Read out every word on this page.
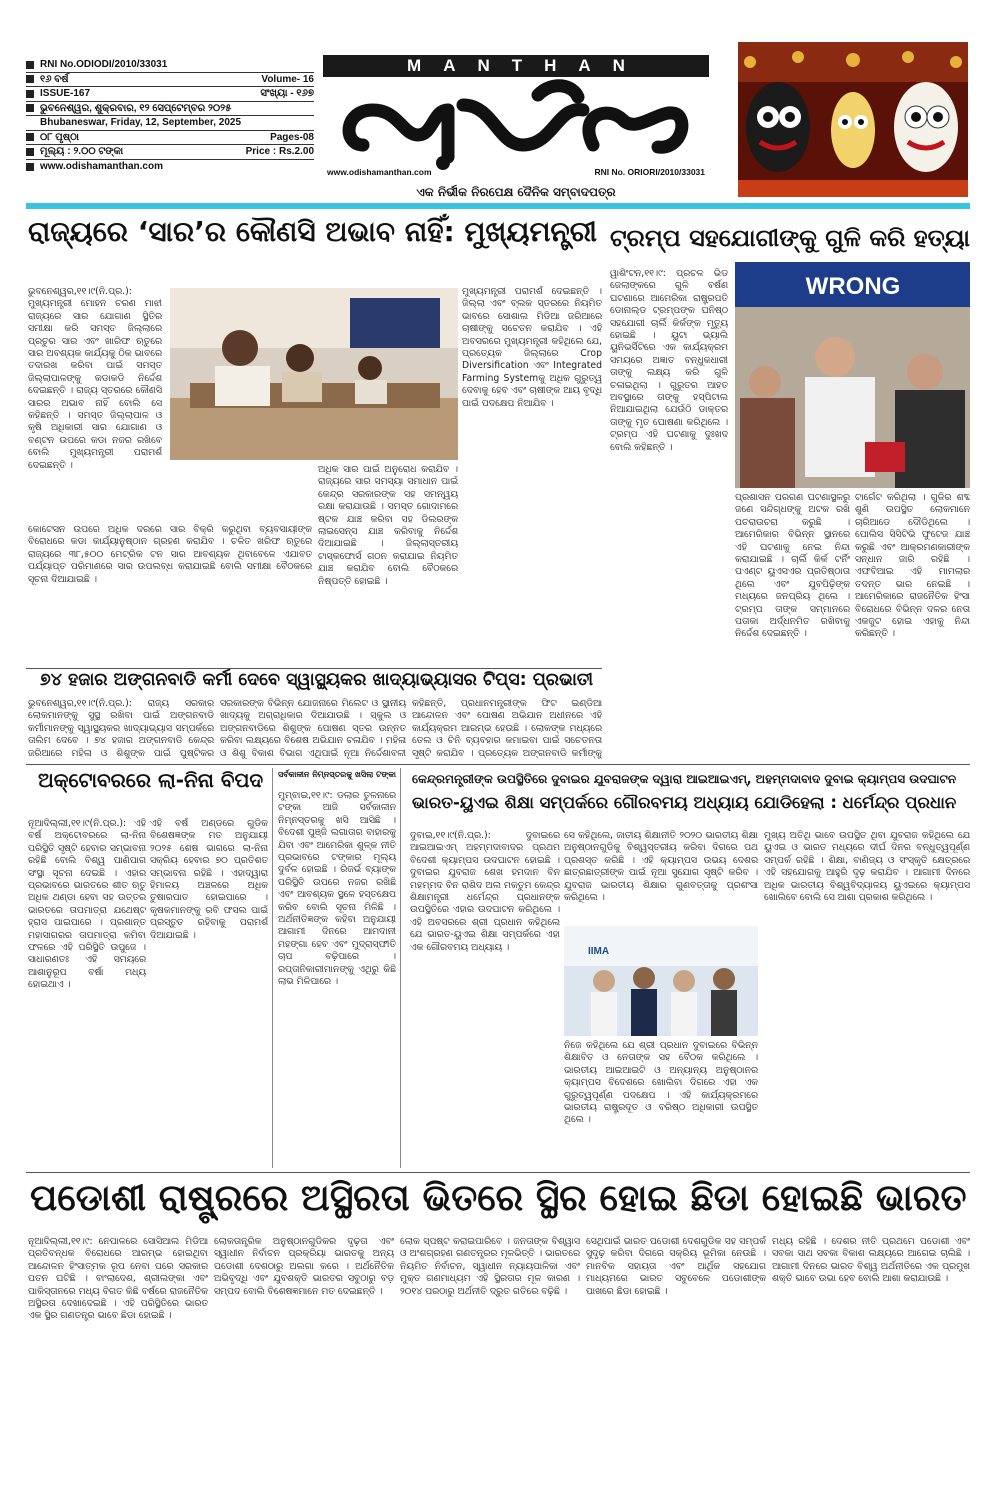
RNI No.ODIODI/2010/33031
୧୬ ବର୍ଷ	Volume- 16
ISSUE-167	ସଂଖ୍ୟା - ୧୬୭
ଭୁବନେଶ୍ୱର, ଶୁକ୍ରବାର, ୧୨ ସେପ୍ଟେମ୍ବର ୨୦୨୫
Bhubaneswar, Friday, 12, September, 2025
୦୮ ପୃଷ୍ଠା	Pages-08
ମୂଲ୍ୟ : ୨.୦୦ ଟଙ୍କା	Price : Rs.2.00
www.odishamanthan.com
MANTHAN
www.odishamanthan.com	RNI No. ORIORI/2010/33031
ଏକ ନିର୍ଭୀକ ନିରପେକ୍ଷ ଦୈନିକ ସମ୍ବାଦପତ୍ର
ରାଜ୍ୟରେ ‘ସାର’ର କୌଣସି ଅଭାବ ନାହିଁ: ମୁଖ୍ୟମନ୍ତ୍ରୀ ଟ୍ରମ୍ପ ସହଯୋଗୀଙ୍କୁ ଗୁଳି କରି ହତ୍ୟା

ଭୁବନେଶ୍ୱର,୧୧।୯(ନି.ପ୍ର.): ମୁଖ୍ୟମନ୍ତ୍ରୀ ମୋହନ ଚରଣ ମାଝୀ ରାଜ୍ୟରେ ସାର ଯୋଗାଣ ସ୍ଥିତିର ସମୀକ୍ଷା କରି ସମସ୍ତ ଜିଲ୍ଲାରେ ପ୍ରଚୁର ସାର ଏବଂ ଖାରିଫ ଋତୁରେ ସାର ଅବଶ୍ୟକ କାର୍ଯ୍ୟକୁ ଠିକ ଭାବରେ ତଦାରଖ କରିବା ପାଇଁ ସମସ୍ତ ଜିଲ୍ଲାପାଳଙ୍କୁ କଡାକଡି ନିର୍ଦ୍ଦେଶ ଦେଇଛନ୍ତି । ରାଜ୍ୟ ସ୍ତରରେ କୌଣସି ସାରର ଅଭାବ ନାହିଁ ବୋଲି ସେ କହିଛନ୍ତି । ସମସ୍ତ ଜିଲ୍ଲାପାଳ ଓ କୃଷି ଅଧିକାରୀ ସାର ଯୋଗାଣ ଓ ବଣ୍ଟନ ଉପରେ କଡା ନଜର ରଖିବେ ବୋଲି ମୁଖ୍ୟମନ୍ତ୍ରୀ ପରାମର୍ଶ ଦେଇଛନ୍ତି ।

କୋଟେସନ ଉପରେ ଅଧିକ ଦରରେ ସାର ବିକ୍ରି କରୁଥିବା ବ୍ୟବସାୟୀଙ୍କ ବିରୋଧରେ କଡା କାର୍ଯ୍ୟାନୁଷ୍ଠାନ ଗ୍ରହଣ କରାଯିବ । ଚଳିତ ଖରିଫ ଋତୁରେ ରାଜ୍ୟରେ ୩୮,୫୦୦ ମେଟ୍ରିକ ଟନ ସାର ଆବଶ୍ୟକ ଥିବାବେଳେ ଏଯାବତ ପର୍ଯ୍ୟାପ୍ତ ପରିମାଣରେ ସାର ଉପଲବ୍ଧ କରାଯାଇଛି ବୋଲି ସମୀକ୍ଷା ବୈଠକରେ ସୂଚନା ଦିଆଯାଇଛି ।

ଅଧିକ ସାର ପାଇଁ ଅନୁରୋଧ କରାଯିବ । ରାଜ୍ୟରେ ସାର ସମସ୍ୟା ସମାଧାନ ପାଇଁ କେନ୍ଦ୍ର ସରକାରଙ୍କ ସହ ସମନ୍ୱୟ ରକ୍ଷା କରାଯାଉଛି । ସମସ୍ତ ଗୋଦାମରେ ଷ୍ଟକ ଯାଞ୍ଚ କରିବା ସହ ଡିଲରଙ୍କ ଲାଇସେନ୍ସ ଯାଞ୍ଚ କରିବାକୁ ନିର୍ଦ୍ଦେଶ ଦିଆଯାଇଛି । ଜିଲ୍ଲାସ୍ତରୀୟ ଟାସ୍କଫୋର୍ସ ଗଠନ କରାଯାଇ ନିୟମିତ ଯାଞ୍ଚ କରାଯିବ ବୋଲି ବୈଠକରେ ନିଷ୍ପତ୍ତି ହୋଇଛି ।

ମୁଖ୍ୟମନ୍ତ୍ରୀ ପରାମର୍ଶ ଦେଇଛନ୍ତି । ଜିଲ୍ଲା ଏବଂ ବ୍ଲକ ସ୍ତରରେ ନିୟମିତ ଭାବରେ ସୋଶାଲ ମିଡିଆ ଜରିଆରେ ଚାଷୀଙ୍କୁ ସଚେତନ କରାଯିବ । ଏହି ଅବସରରେ ମୁଖ୍ୟମନ୍ତ୍ରୀ କହିଥିଲେ ଯେ, ପ୍ରତ୍ୟେକ ଜିଲ୍ଲାରେ Crop Diversification ଏବଂ Integrated Farming Systemକୁ ଅଧିକ ଗୁରୁତ୍ୱ ଦେବାକୁ ହେବ ଏବଂ ଚାଷୀଙ୍କ ଆୟ ବୃଦ୍ଧି ପାଇଁ ପଦକ୍ଷେପ ନିଆଯିବ ।

ୱାଶିଂଟନ,୧୧।୯: ପ୍ରଚଳ ଭିଡ ଜେଲାଙ୍କରେ ଗୁଳି ବର୍ଷଣ ଘଟଣାରେ ଆମେରିକା ରାଷ୍ଟ୍ରପତି ଡୋନାଲ୍ଡ ଟ୍ରମ୍ପଙ୍କ ଘନିଷ୍ଠ ସହଯୋଗୀ ଚାର୍ଲି କିର୍କଙ୍କ ମୃତ୍ୟୁ ହୋଇଛି । ୟୁଟା ଭ୍ୟାଲି ୟୁନିଭର୍ସିଟିରେ ଏକ କାର୍ଯ୍ୟକ୍ରମ ସମୟରେ ଅଜ୍ଞାତ ବନ୍ଧୁକଧାରୀ ତାଙ୍କୁ ଲକ୍ଷ୍ୟ କରି ଗୁଳି ଚଳାଇଥିଲା । ଗୁରୁତର ଆହତ ଅବସ୍ଥାରେ ତାଙ୍କୁ ହସ୍ପିଟାଲ ନିଆଯାଇଥିଲା ଯେଉଁଠି ଡାକ୍ତର ତାଙ୍କୁ ମୃତ ଘୋଷଣା କରିଥିଲେ । ଟ୍ରମ୍ପ ଏହି ଘଟଣାକୁ ଦୁଃଖଦ ବୋଲି କହିଛନ୍ତି ।

WRONG

ପ୍ରଶାସନ ପରଗଣ ଘଟଣାସ୍ଥଳରୁ ଜଣେ ସନ୍ଦିଗ୍ଧଙ୍କୁ ଅଟକ ରଖି ପଚରାଉଚରା କରୁଛି । ଆମେରିକାର ବିଭିନ୍ନ ସ୍ଥାନରେ ଏହି ଘଟଣାକୁ ନେଇ ନିନ୍ଦା କରାଯାଇଛି । ଚାର୍ଲି କିର୍କ ଟର୍ନିଂ ପଏଣ୍ଟ ୟୁଏସଏର ପ୍ରତିଷ୍ଠାତା ଥିଲେ ଏବଂ ଯୁବପିଢ଼ିଙ୍କ ମଧ୍ୟରେ ଜନପ୍ରିୟ ଥିଲେ । ଟ୍ରମ୍ପ ତାଙ୍କ ସମ୍ମାନରେ ପତାକା ଅର୍ଦ୍ଧନମିତ ରଖିବାକୁ ନିର୍ଦ୍ଦେଶ ଦେଇଛନ୍ତି ।

ଟାର୍ଗେଟ କରିଥିଲା । ଗୁଳିର ଶବ୍ଦ ଶୁଣି ଉପସ୍ଥିତ ଲୋକମାନେ ଚାରିଆଡେ ଦୌଡିଥିଲେ । ପୋଲିସ ସିସିଟିଭି ଫୁଟେଜ ଯାଞ୍ଚ କରୁଛି ଏବଂ ଆକ୍ରମଣକାରୀଙ୍କ ସନ୍ଧାନ ଜାରି ରହିଛି । ଏଫବିଆଇ ଏହି ମାମଲାର ତଦନ୍ତ ଭାର ନେଇଛି । ଆମେରିକାରେ ରାଜନୈତିକ ହିଂସା ବିରୋଧରେ ବିଭିନ୍ନ ଦଳର ନେତା ଏକଜୁଟ ହୋଇ ଏହାକୁ ନିନ୍ଦା କରିଛନ୍ତି ।

୭୪ ହଜାର ଅଙ୍ଗନବାଡି କର୍ମୀ ଦେବେ ସ୍ୱାସ୍ଥ୍ୟକର ଖାଦ୍ୟାଭ୍ୟାସର ଟିପ୍ସ: ପ୍ରଭାତୀ

ଭୁବନେଶ୍ୱର,୧୧।୯(ନି.ପ୍ର.): ରାଜ୍ୟ ସରକାର ଲୋକମାନଙ୍କୁ ସୁସ୍ଥ ରଖିବା ପାଇଁ ଅଙ୍ଗନବାଡି କର୍ମୀମାନଙ୍କୁ ସ୍ୱାସ୍ଥ୍ୟକର ଖାଦ୍ୟାଭ୍ୟାସ ସମ୍ପର୍କରେ ତାଲିମ ଦେବେ । ୭୪ ହଜାର ଅଙ୍ଗନବାଡି କେନ୍ଦ୍ର ଜରିଆରେ ମହିଳା ଓ ଶିଶୁଙ୍କ ପାଇଁ ପୁଷ୍ଟିକର

ସରକାରଙ୍କ ବିଭିନ୍ନ ଯୋଜନାରେ ମିଲେଟ ଓ ସ୍ଥାନୀୟ ଖାଦ୍ୟକୁ ଅଗ୍ରାଧିକାର ଦିଆଯାଉଛି । ସ୍କୁଲ ଓ ଅଙ୍ଗନବାଡିରେ ଶିଶୁଙ୍କ ପୋଷଣ ସ୍ତର ଉନ୍ନତ କରିବା ଲକ୍ଷ୍ୟରେ ବିଶେଷ ଅଭିଯାନ ଚଳାଯିବ । ମହିଳା ଓ ଶିଶୁ ବିକାଶ ବିଭାଗ ଏଥିପାଇଁ ନୂଆ ନିର୍ଦ୍ଦେଶାବଳୀ

କହିଛନ୍ତି, ପ୍ରଧାନମନ୍ତ୍ରୀଙ୍କ ଫିଟ ଇଣ୍ଡିଆ ଆନ୍ଦୋଳନ ଏବଂ ପୋଷଣ ଅଭିଯାନ ଅଧୀନରେ ଏହି କାର୍ଯ୍ୟକ୍ରମ ଆରମ୍ଭ ହେଉଛି । ଲୋକଙ୍କ ମଧ୍ୟରେ ତେଲ ଓ ଚିନି ବ୍ୟବହାର କମାଇବା ପାଇଁ ସଚେତନତା ସୃଷ୍ଟି କରାଯିବ । ପ୍ରତ୍ୟେକ ଅଙ୍ଗନବାଡି କର୍ମୀଙ୍କୁ

ଅକ୍ଟୋବରରେ ଲା-ନିନା ବିପଦ

ନୂଆଦିଲ୍ଲୀ,୧୧।୯(ନି.ପ୍ର.): ଏହି ବର୍ଷ ଅକ୍ଟୋବରରେ ଲା-ନିନା ପରିସ୍ଥିତି ସୃଷ୍ଟି ହେବାର ସମ୍ଭାବନା ରହିଛି ବୋଲି ବିଶ୍ୱ ପାଣିପାଗ ସଂସ୍ଥା ସୂଚନା ଦେଇଛି । ଏହାର ପ୍ରଭାବରେ ଭାରତରେ ଶୀତ ଋତୁ ଅଧିକ ଥଣ୍ଡା ହେବା ସହ ଉତ୍ତର ଭାରତରେ ତାପମାତ୍ରା ଯଥେଷ୍ଟ ହ୍ରାସ ପାଇପାରେ । ପ୍ରଶାନ୍ତ ମହାସାଗରର ତାପମାତ୍ରା କମିବା ଫଳରେ ଏହି ପରିସ୍ଥିତି ଉପୁଜେ । ସାଧାରଣତଃ ଏହି ସମୟରେ ଆଶାନୁରୂପ ବର୍ଷା ମଧ୍ୟ ହୋଇଥାଏ ।

ଏହି ବର୍ଷ ଅଣ୍ଡରେ ଗୁଡିକ ବିଶେଷଜ୍ଞଙ୍କ ମତ ଅନୁଯାୟୀ ୨୦୨୫ ଶେଷ ଭାଗରେ ଲା-ନିନା ସକ୍ରିୟ ହେବାର ୭୦ ପ୍ରତିଶତ ସମ୍ଭାବନା ରହିଛି । ଏହାଦ୍ୱାରା ହିମାଳୟ ଅଞ୍ଚଳରେ ଅଧିକ ତୁଷାରପାତ ହୋଇପାରେ । କୃଷକମାନଙ୍କୁ ରବି ଫସଲ ପାଇଁ ପ୍ରସ୍ତୁତ ରହିବାକୁ ପରାମର୍ଶ ଦିଆଯାଇଛି ।

ସର୍ବକାଳୀନ ନିମ୍ନସ୍ତରକୁ ଖସିଲା ଟଙ୍କା

ମୁମ୍ବାଇ,୧୧।୯: ଡଲାର ତୁଳନାରେ ଟଙ୍କା ଆଜି ସର୍ବକାଳୀନ ନିମ୍ନସ୍ତରକୁ ଖସି ଆସିଛି । ବିଦେଶୀ ପୁଞ୍ଜି ଲଗାତାର ବାହାରକୁ ଯିବା ଏବଂ ଆମେରିକା ଶୁଳ୍କ ନୀତି ପ୍ରଭାବରେ ଟଙ୍କାର ମୂଲ୍ୟ ଦୁର୍ବଳ ହୋଇଛି । ରିଜର୍ଭ ବ୍ୟାଙ୍କ ପରିସ୍ଥିତି ଉପରେ ନଜର ରଖିଛି ଏବଂ ଆବଶ୍ୟକ ସ୍ଥଳେ ହସ୍ତକ୍ଷେପ କରିବ ବୋଲି ସୂଚନା ମିଳିଛି । ଅର୍ଥନୀତିଜ୍ଞଙ୍କ କହିବା ଅନୁଯାୟୀ ଆଗାମୀ ଦିନରେ ଆମଦାନୀ ମହଙ୍ଗା ହେବ ଏବଂ ମୁଦ୍ରାସ୍ଫୀତି ଚାପ ବଢ଼ିପାରେ । ରପ୍ତାନିକାରୀମାନଙ୍କୁ ଏଥିରୁ କିଛି ଲାଭ ମିଳିପାରେ ।

କେନ୍ଦ୍ରମନ୍ତ୍ରୀଙ୍କ ଉପସ୍ଥିତିରେ ଦୁବାଇର ଯୁବରାଜଙ୍କ ଦ୍ୱାରା ଆଇଆଇଏମ୍, ଅହମ୍ମଦାବାଦ ଦୁବାଇ କ୍ୟାମ୍ପସ ଉଦଘାଟନ
ଭାରତ-ୟୁଏଇ ଶିକ୍ଷା ସମ୍ପର୍କରେ ଗୌରବମୟ ଅଧ୍ୟାୟ ଯୋଡିହେଲା : ଧର୍ମେନ୍ଦ୍ର ପ୍ରଧାନ

ଦୁବାଇ,୧୧।୯(ନି.ପ୍ର.): ଦୁବାଇରେ ଆଇଆଇଏମ୍ ଅହମ୍ମଦାବାଦର ପ୍ରଥମ ବିଦେଶୀ କ୍ୟାମ୍ପସ ଉଦଘାଟନ ହୋଇଛି । ଦୁବାଇର ଯୁବରାଜ ଶେଖ ହମଦାନ ବିନ ମହମ୍ମଦ ବିନ ରାଶିଦ ଅଲ ମକତୁମ କେନ୍ଦ୍ର ଶିକ୍ଷାମନ୍ତ୍ରୀ ଧର୍ମେନ୍ଦ୍ର ପ୍ରଧାନଙ୍କ ଉପସ୍ଥିତିରେ ଏହାର ଉଦଘାଟନ କରିଥିଲେ । ଏହି ଅବସରରେ ଶ୍ରୀ ପ୍ରଧାନ କହିଥିଲେ ଯେ ଭାରତ-ୟୁଏଇ ଶିକ୍ଷା ସମ୍ପର୍କରେ ଏହା ଏକ ଗୌରବମୟ ଅଧ୍ୟାୟ ।	IIMA

ସେ କହିଥିଲେ, ଜାତୀୟ ଶିକ୍ଷାନୀତି ୨୦୨୦ ଭାରତୀୟ ଶିକ୍ଷା ଅନୁଷ୍ଠାନଗୁଡିକୁ ବିଶ୍ୱସ୍ତରୀୟ କରିବା ଦିଗରେ ପଥ ପ୍ରଶସ୍ତ କରିଛି । ଏହି କ୍ୟାମ୍ପସ ଉଭୟ ଦେଶର ଛାତ୍ରଛାତ୍ରୀଙ୍କ ପାଇଁ ନୂଆ ସୁଯୋଗ ସୃଷ୍ଟି କରିବ । ଯୁବରାଜ ଭାରତୀୟ ଶିକ୍ଷାର ଗୁଣବତ୍ତାକୁ ପ୍ରଶଂସା କରିଥିଲେ ।

ନିଜେ କହିଥିଲେ ଯେ ଶ୍ରୀ ପ୍ରଧାନ ଦୁବାଇରେ ବିଭିନ୍ନ ଶିକ୍ଷାବିତ ଓ ନେତାଙ୍କ ସହ ବୈଠକ କରିଥିଲେ । ଭାରତୀୟ ଆଇଆଇଟି ଓ ଅନ୍ୟାନ୍ୟ ଅନୁଷ୍ଠାନର କ୍ୟାମ୍ପସ ବିଦେଶରେ ଖୋଲିବା ଦିଗରେ ଏହା ଏକ ଗୁରୁତ୍ୱପୂର୍ଣ୍ଣ ପଦକ୍ଷେପ । ଏହି କାର୍ଯ୍ୟକ୍ରମରେ ଭାରତୀୟ ରାଷ୍ଟ୍ରଦୂତ ଓ ବରିଷ୍ଠ ଅଧିକାରୀ ଉପସ୍ଥିତ ଥିଲେ ।

ମୁଖ୍ୟ ଅତିଥି ଭାବେ ଉପସ୍ଥିତ ଥିବା ଯୁବରାଜ କହିଥିଲେ ଯେ ୟୁଏଇ ଓ ଭାରତ ମଧ୍ୟରେ ଦୀର୍ଘ ଦିନର ବନ୍ଧୁତ୍ୱପୂର୍ଣ୍ଣ ସମ୍ପର୍କ ରହିଛି । ଶିକ୍ଷା, ବାଣିଜ୍ୟ ଓ ସଂସ୍କୃତି କ୍ଷେତ୍ରରେ ଏହି ସହଯୋଗକୁ ଆହୁରି ଦୃଢ଼ କରାଯିବ । ଆଗାମୀ ଦିନରେ ଅଧିକ ଭାରତୀୟ ବିଶ୍ୱବିଦ୍ୟାଳୟ ୟୁଏଇରେ କ୍ୟାମ୍ପସ ଖୋଲିବେ ବୋଲି ସେ ଆଶା ପ୍ରକାଶ କରିଥିଲେ ।

ପଡୋଶୀ ରାଷ୍ଟ୍ରରେ ଅସ୍ଥିରତା ଭିତରେ ସ୍ଥିର ହୋଇ ଛିଡା ହୋଇଛି ଭାରତ

ନୂଆଦିଲ୍ଲୀ,୧୧।୯: ନେପାଳରେ ସୋସିଆଲ ମିଡିଆ ପ୍ରତିବନ୍ଧକ ବିରୋଧରେ ଆରମ୍ଭ ହୋଇଥିବା ଆନ୍ଦୋଳନ ହିଂସାତ୍ମକ ରୂପ ନେବା ପରେ ସରକାର ପତନ ଘଟିଛି । ବାଂଲାଦେଶ, ଶ୍ରୀଲଙ୍କା ଏବଂ ପାକିସ୍ତାନରେ ମଧ୍ୟ ବିଗତ କିଛି ବର୍ଷରେ ରାଜନୈତିକ ଅସ୍ଥିରତା ଦେଖାଦେଇଛି । ଏହି ପରିସ୍ଥିତିରେ ଭାରତ ଏକ ସ୍ଥିର ଗଣତନ୍ତ୍ର ଭାବେ ଛିଡା ହୋଇଛି ।

ଲୋକତାନ୍ତ୍ରିକ ଅନୁଷ୍ଠାନଗୁଡିକର ଦୃଢ଼ତା ଏବଂ ସ୍ୱାଧୀନ ନିର୍ବାଚନ ପ୍ରକ୍ରିୟା ଭାରତକୁ ଅନ୍ୟ ପଡୋଶୀ ଦେଶଠାରୁ ଅଲଗା କରେ । ଅର୍ଥନୈତିକ ଅଭିବୃଦ୍ଧି ଏବଂ ଯୁବଶକ୍ତି ଭାରତର ସବୁଠାରୁ ବଡ଼ ସମ୍ପଦ ବୋଲି ବିଶେଷଜ୍ଞମାନେ ମତ ଦେଇଛନ୍ତି ।

ଲୋକ ସ୍ପଷ୍ଟ କରାଇପାରିବେ । ଜନତାଙ୍କ ବିଶ୍ୱାସ ଓ ଅଂଶଗ୍ରହଣ ଗଣତନ୍ତ୍ରର ମୂଳଭିତ୍ତି । ଭାରତରେ ନିୟମିତ ନିର୍ବାଚନ, ସ୍ୱାଧୀନ ନ୍ୟାୟପାଳିକା ଏବଂ ମୁକ୍ତ ଗଣମାଧ୍ୟମ ଏହି ସ୍ଥିରତାର ମୂଳ କାରଣ । ୨୦୧୪ ପରଠାରୁ ଅର୍ଥନୀତି ଦ୍ରୁତ ଗତିରେ ବଢ଼ିଛି ।

ସେଥିପାଇଁ ଭାରତ ପଡୋଶୀ ଦେଶଗୁଡିକ ସହ ସମ୍ପର୍କ ସୁଦୃଢ଼ କରିବା ଦିଗରେ ସକ୍ରିୟ ଭୂମିକା ନେଉଛି । ମାନବିକ ସହାୟତା ଏବଂ ଆର୍ଥିକ ସହଯୋଗ ମାଧ୍ୟମରେ ଭାରତ ସବୁବେଳେ ପଡୋଶୀଙ୍କ ପାଖରେ ଛିଡା ହୋଇଛି ।

ମଧ୍ୟ ରହିଛି । ଦେଶର ନୀତି ପ୍ରଥମେ ପଡୋଶୀ ଏବଂ ସବକା ସାଥ ସବକା ବିକାଶ ଲକ୍ଷ୍ୟରେ ଆଗେଇ ଚାଲିଛି । ଆଗାମୀ ଦିନରେ ଭାରତ ବିଶ୍ୱ ଅର୍ଥନୀତିରେ ଏକ ପ୍ରମୁଖ ଶକ୍ତି ଭାବେ ଉଭା ହେବ ବୋଲି ଆଶା କରାଯାଉଛି ।
